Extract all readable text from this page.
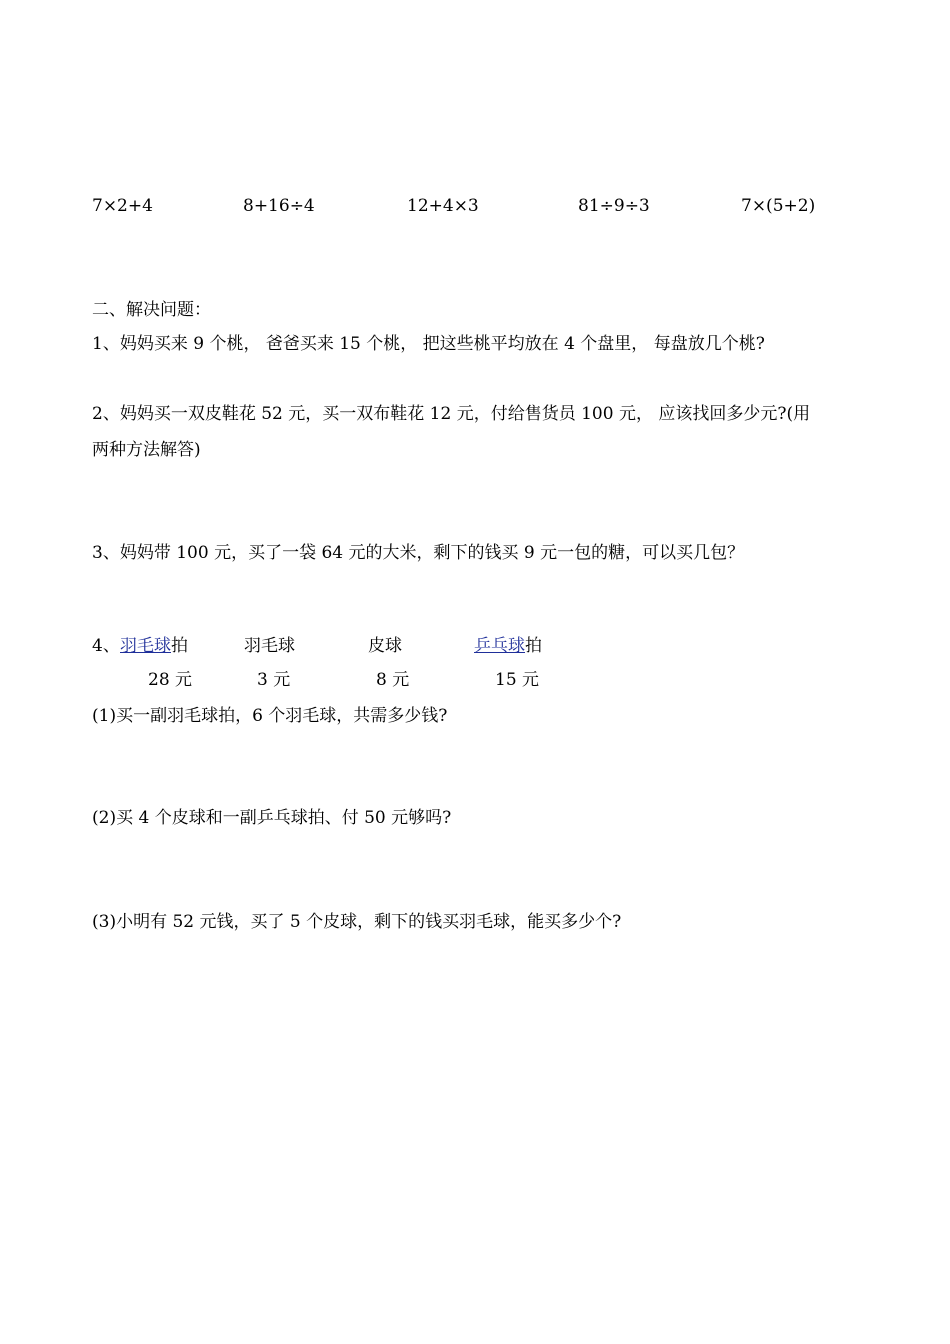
7×2+4	8+16÷4	12+4×3	81÷9÷3	7×(5+2)
二、解决问题：
1、妈妈买来 9 个桃， 爸爸买来 15 个桃， 把这些桃平均放在 4 个盘里， 每盘放几个桃?
2、妈妈买一双皮鞋花 52 元，买一双布鞋花 12 元，付给售货员 100 元， 应该找回多少元?(用
两种方法解答)
3、妈妈带 100 元，买了一袋 64 元的大米，剩下的钱买 9 元一包的糖，可以买几包？
4、 羽毛球拍	羽毛球	皮球	乒乓球拍
28 元	3 元	8 元	15 元
(1)买一副羽毛球拍，6 个羽毛球，共需多少钱?
(2)买 4 个皮球和一副乒乓球拍、付 50 元够吗?
(3)小明有 52 元钱，买了 5 个皮球，剩下的钱买羽毛球，能买多少个?
